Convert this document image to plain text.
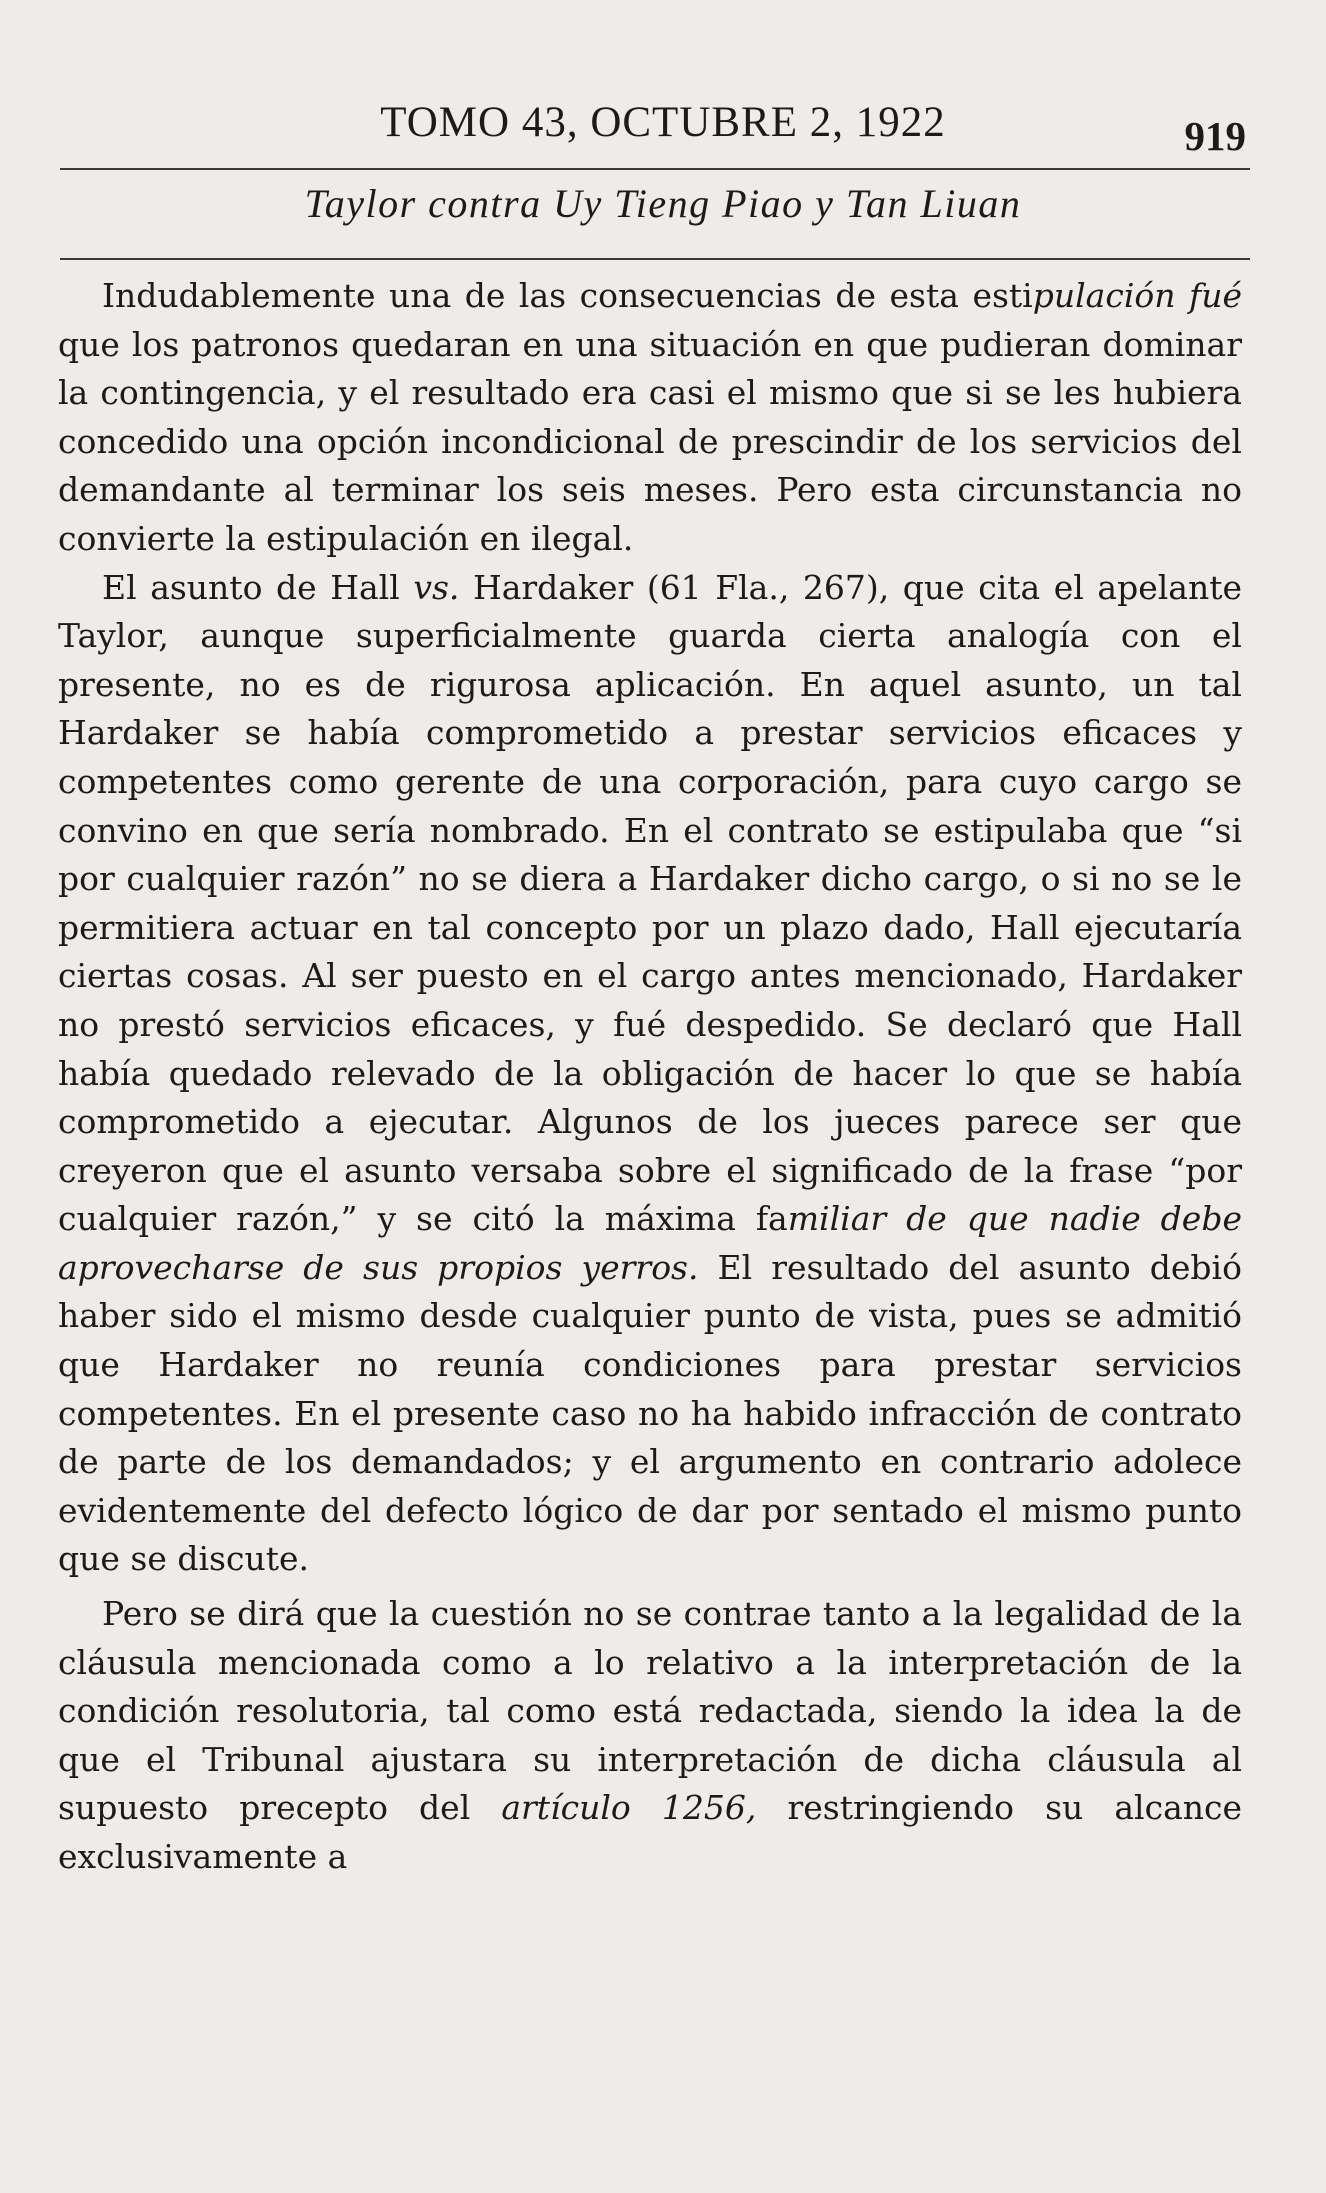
TOMO 43, OCTUBRE 2, 1922	919
Taylor contra Uy Tieng Piao y Tan Liuan

Indudablemente una de las consecuencias de esta estipulación fué que los patronos quedaran en una situación en que pudieran dominar la contingencia, y el resultado era casi el mismo que si se les hubiera concedido una opción incondicional de prescindir de los servicios del demandante al terminar los seis meses. Pero esta circunstancia no convierte la estipulación en ilegal.

El asunto de Hall vs. Hardaker (61 Fla., 267), que cita el apelante Taylor, aunque superficialmente guarda cierta analogía con el presente, no es de rigurosa aplicación. En aquel asunto, un tal Hardaker se había comprometido a prestar servicios eficaces y competentes como gerente de una corporación, para cuyo cargo se convino en que sería nombrado. En el contrato se estipulaba que “si por cualquier razón” no se diera a Hardaker dicho cargo, o si no se le permitiera actuar en tal concepto por un plazo dado, Hall ejecutaría ciertas cosas. Al ser puesto en el cargo antes mencionado, Hardaker no prestó servicios eficaces, y fué despedido. Se declaró que Hall había quedado relevado de la obligación de hacer lo que se había comprometido a ejecutar. Algunos de los jueces parece ser que creyeron que el asunto versaba sobre el significado de la frase “por cualquier razón,” y se citó la máxima familiar de que nadie debe aprovecharse de sus propios yerros. El resultado del asunto debió haber sido el mismo desde cualquier punto de vista, pues se admitió que Hardaker no reunía condiciones para prestar servicios competentes. En el presente caso no ha habido infracción de contrato de parte de los demandados; y el argumento en contrario adolece evidentemente del defecto lógico de dar por sentado el mismo punto que se discute.

Pero se dirá que la cuestión no se contrae tanto a la legalidad de la cláusula mencionada como a lo relativo a la interpretación de la condición resolutoria, tal como está redactada, siendo la idea la de que el Tribunal ajustara su interpretación de dicha cláusula al supuesto precepto del artículo 1256, restringiendo su alcance exclusivamente a
